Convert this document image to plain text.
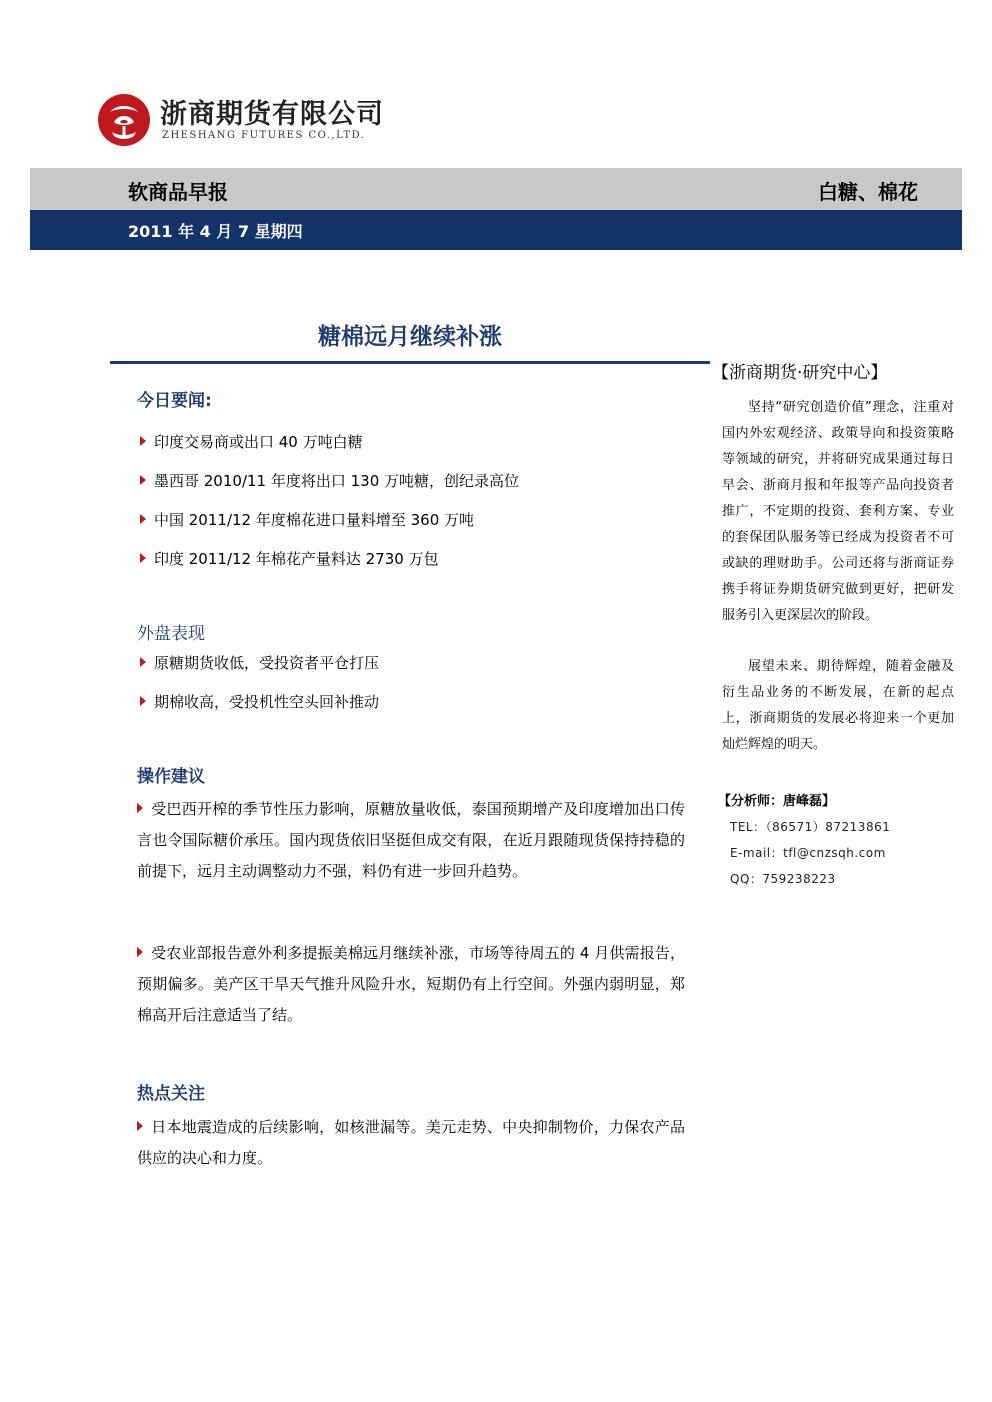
浙商期货有限公司
ZHESHANG FUTURES CO.,LTD.
软商品早报	白糖、棉花
2011 年 4 月 7 星期四
糖棉远月继续补涨
今日要闻:
印度交易商或出口 40 万吨白糖
墨西哥 2010/11 年度将出口 130 万吨糖，创纪录高位
中国 2011/12 年度棉花进口量料增至 360 万吨
印度 2011/12 年棉花产量料达 2730 万包
外盘表现
原糖期货收低，受投资者平仓打压
期棉收高，受投机性空头回补推动
操作建议
受巴西开榨的季节性压力影响，原糖放量收低，泰国预期增产及印度增加出口传言也令国际糖价承压。国内现货依旧坚挺但成交有限，在近月跟随现货保持持稳的前提下，远月主动调整动力不强，料仍有进一步回升趋势。
受农业部报告意外利多提振美棉远月继续补涨，市场等待周五的 4 月供需报告，预期偏多。美产区干旱天气推升风险升水，短期仍有上行空间。外强内弱明显，郑棉高开后注意适当了结。
热点关注
日本地震造成的后续影响，如核泄漏等。美元走势、中央抑制物价，力保农产品供应的决心和力度。
【浙商期货·研究中心】
坚持“研究创造价值”理念，注重对国内外宏观经济、政策导向和投资策略等领域的研究，并将研究成果通过每日早会、浙商月报和年报等产品向投资者推广，不定期的投资、套利方案、专业的套保团队服务等已经成为投资者不可或缺的理财助手。公司还将与浙商证券携手将证券期货研究做到更好，把研发服务引入更深层次的阶段。
展望未来、期待辉煌，随着金融及衍生品业务的不断发展，在新的起点上，浙商期货的发展必将迎来一个更加灿烂辉煌的明天。
【分析师：唐峰磊】
TEL：（86571）87213861
E-mail：tfl@cnzsqh.com
QQ：759238223
